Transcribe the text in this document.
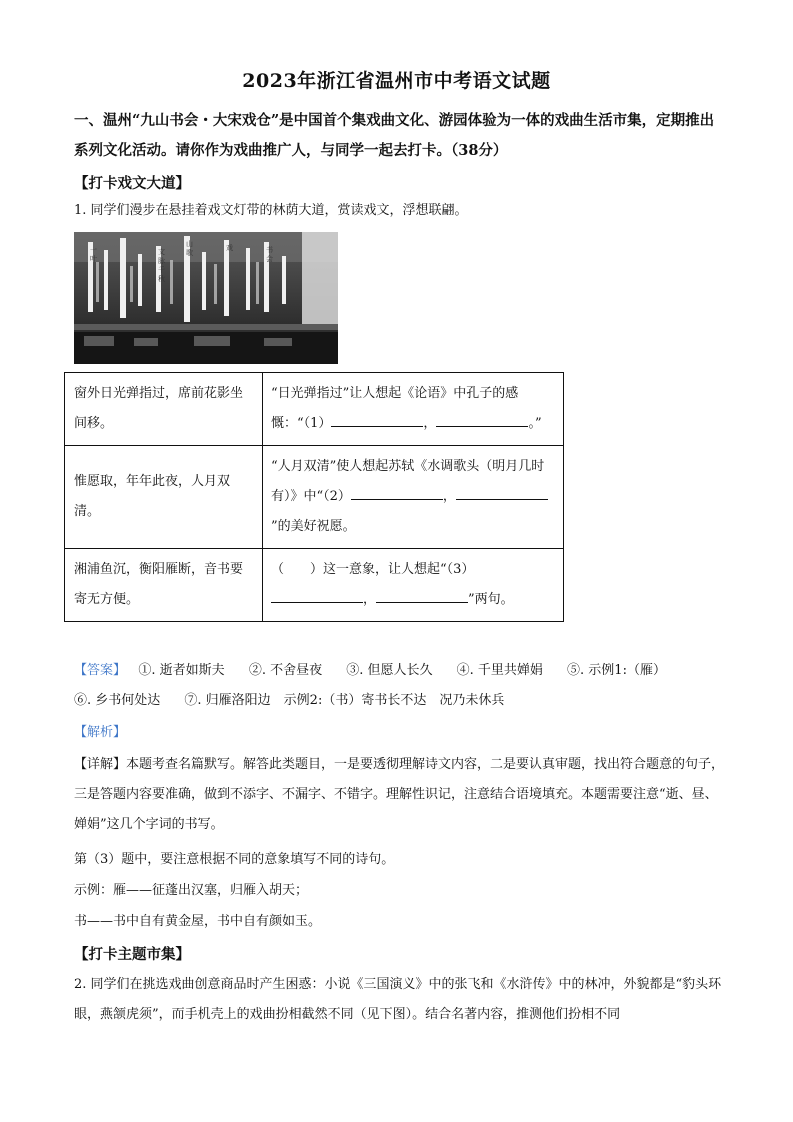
2023年浙江省温州市中考语文试题
一、温州“九山书会・大宋戏仓”是中国首个集戏曲文化、游园体验为一体的戏曲生活市集，定期推出系列文化活动。请你作为戏曲推广人，与同学一起去打卡。（38分）
【打卡戏文大道】
1. 同学们漫步在悬挂着戏文灯带的林荫大道，赏读戏文，浮想联翩。
一
叶
文
脉
千
秋
山
歌
戏	书
会
窗外日光弹指过，席前花影坐间移。	“日光弹指过”让人想起《论语》中孔子的感慨：“（1） ， 。”
惟愿取，年年此夜，人月双清。	“人月双清”使人想起苏轼《水调歌头（明月几时有）》中“（2） ，”的美好祝愿。
湘浦鱼沉，衡阳雁断，音书要寄无方便。	（　　）这一意象，让人想起“（3）， ”两句。
【答案】 ①. 逝者如斯夫 ②. 不舍昼夜 ③. 但愿人长久 ④. 千里共婵娟 ⑤. 示例1:（雁）
⑥. 乡书何处达 ⑦. 归雁洛阳边　示例2:（书）寄书长不达　况乃未休兵
【解析】
【详解】本题考查名篇默写。解答此类题目，一是要透彻理解诗文内容，二是要认真审题，找出符合题意的句子，三是答题内容要准确，做到不添字、不漏字、不错字。理解性识记，注意结合语境填充。本题需要注意“逝、昼、婵娟”这几个字词的书写。
第（3）题中，要注意根据不同的意象填写不同的诗句。
示例：雁——征蓬出汉塞，归雁入胡天；
书——书中自有黄金屋，书中自有颜如玉。
【打卡主题市集】
2. 同学们在挑选戏曲创意商品时产生困惑：小说《三国演义》中的张飞和《水浒传》中的林冲，外貌都是“豹头环眼，燕颔虎须”，而手机壳上的戏曲扮相截然不同（见下图）。结合名著内容，推测他们扮相不同
